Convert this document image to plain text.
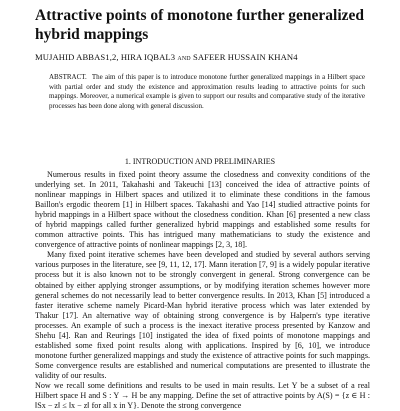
Attractive points of monotone further generalized hybrid mappings
MUJAHID ABBAS1,2, HIRA IQBAL3 and SAFEER HUSSAIN KHAN4
ABSTRACT. The aim of this paper is to introduce monotone further generalized mappings in a Hilbert space with partial order and study the existence and approximation results leading to attractive points for such mappings. Moreover, a numerical example is given to support our results and comparative study of the iterative processes has been done along with general discussion.
1. INTRODUCTION AND PRELIMINARIES

Numerous results in fixed point theory assume the closedness and convexity conditions of the underlying set. In 2011, Takahashi and Takeuchi [13] conceived the idea of attractive points of nonlinear mappings in Hilbert spaces and utilized it to eliminate these conditions in the famous Baillon's ergodic theorem [1] in Hilbert spaces. Takahashi and Yao [14] studied attractive points for hybrid mappings in a Hilbert space without the closedness condition. Khan [6] presented a new class of hybrid mappings called further generalized hybrid mappings and established some results for common attractive points. This has intrigued many mathematicians to study the existence and convergence of attractive points of nonlinear mappings [2, 3, 18].

Many fixed point iterative schemes have been developed and studied by several authors serving various purposes in the literature, see [9, 11, 12, 17]. Mann iteration [7, 9] is a widely popular iterative process but it is also known not to be strongly convergent in general. Strong convergence can be obtained by either applying stronger assumptions, or by modifying iteration schemes however more general schemes do not necessarily lead to better convergence results. In 2013, Khan [5] introduced a faster iterative scheme namely Picard-Man hybrid iterative process which was later extended by Thakur [17]. An alternative way of obtaining strong convergence is by Halpern's type iterative processes. An example of such a process is the inexact iterative process presented by Kanzow and Shehu [4]. Ran and Reurings [10] instigated the idea of fixed points of monotone mappings and established some fixed point results along with applications. Inspired by [6, 10], we introduce monotone further generalized mappings and study the existence of attractive points for such mappings. Some convergence results are established and numerical computations are presented to illustrate the validity of our results.

Now we recall some definitions and results to be used in main results. Let Y be a subset of a real Hilbert space H and S : Y → H be any mapping. Define the set of attractive points by A(S) = {z ∈ H : ‖Sx − z‖ ≤ ‖x − z‖ for all x in Y}. Denote the strong convergence
